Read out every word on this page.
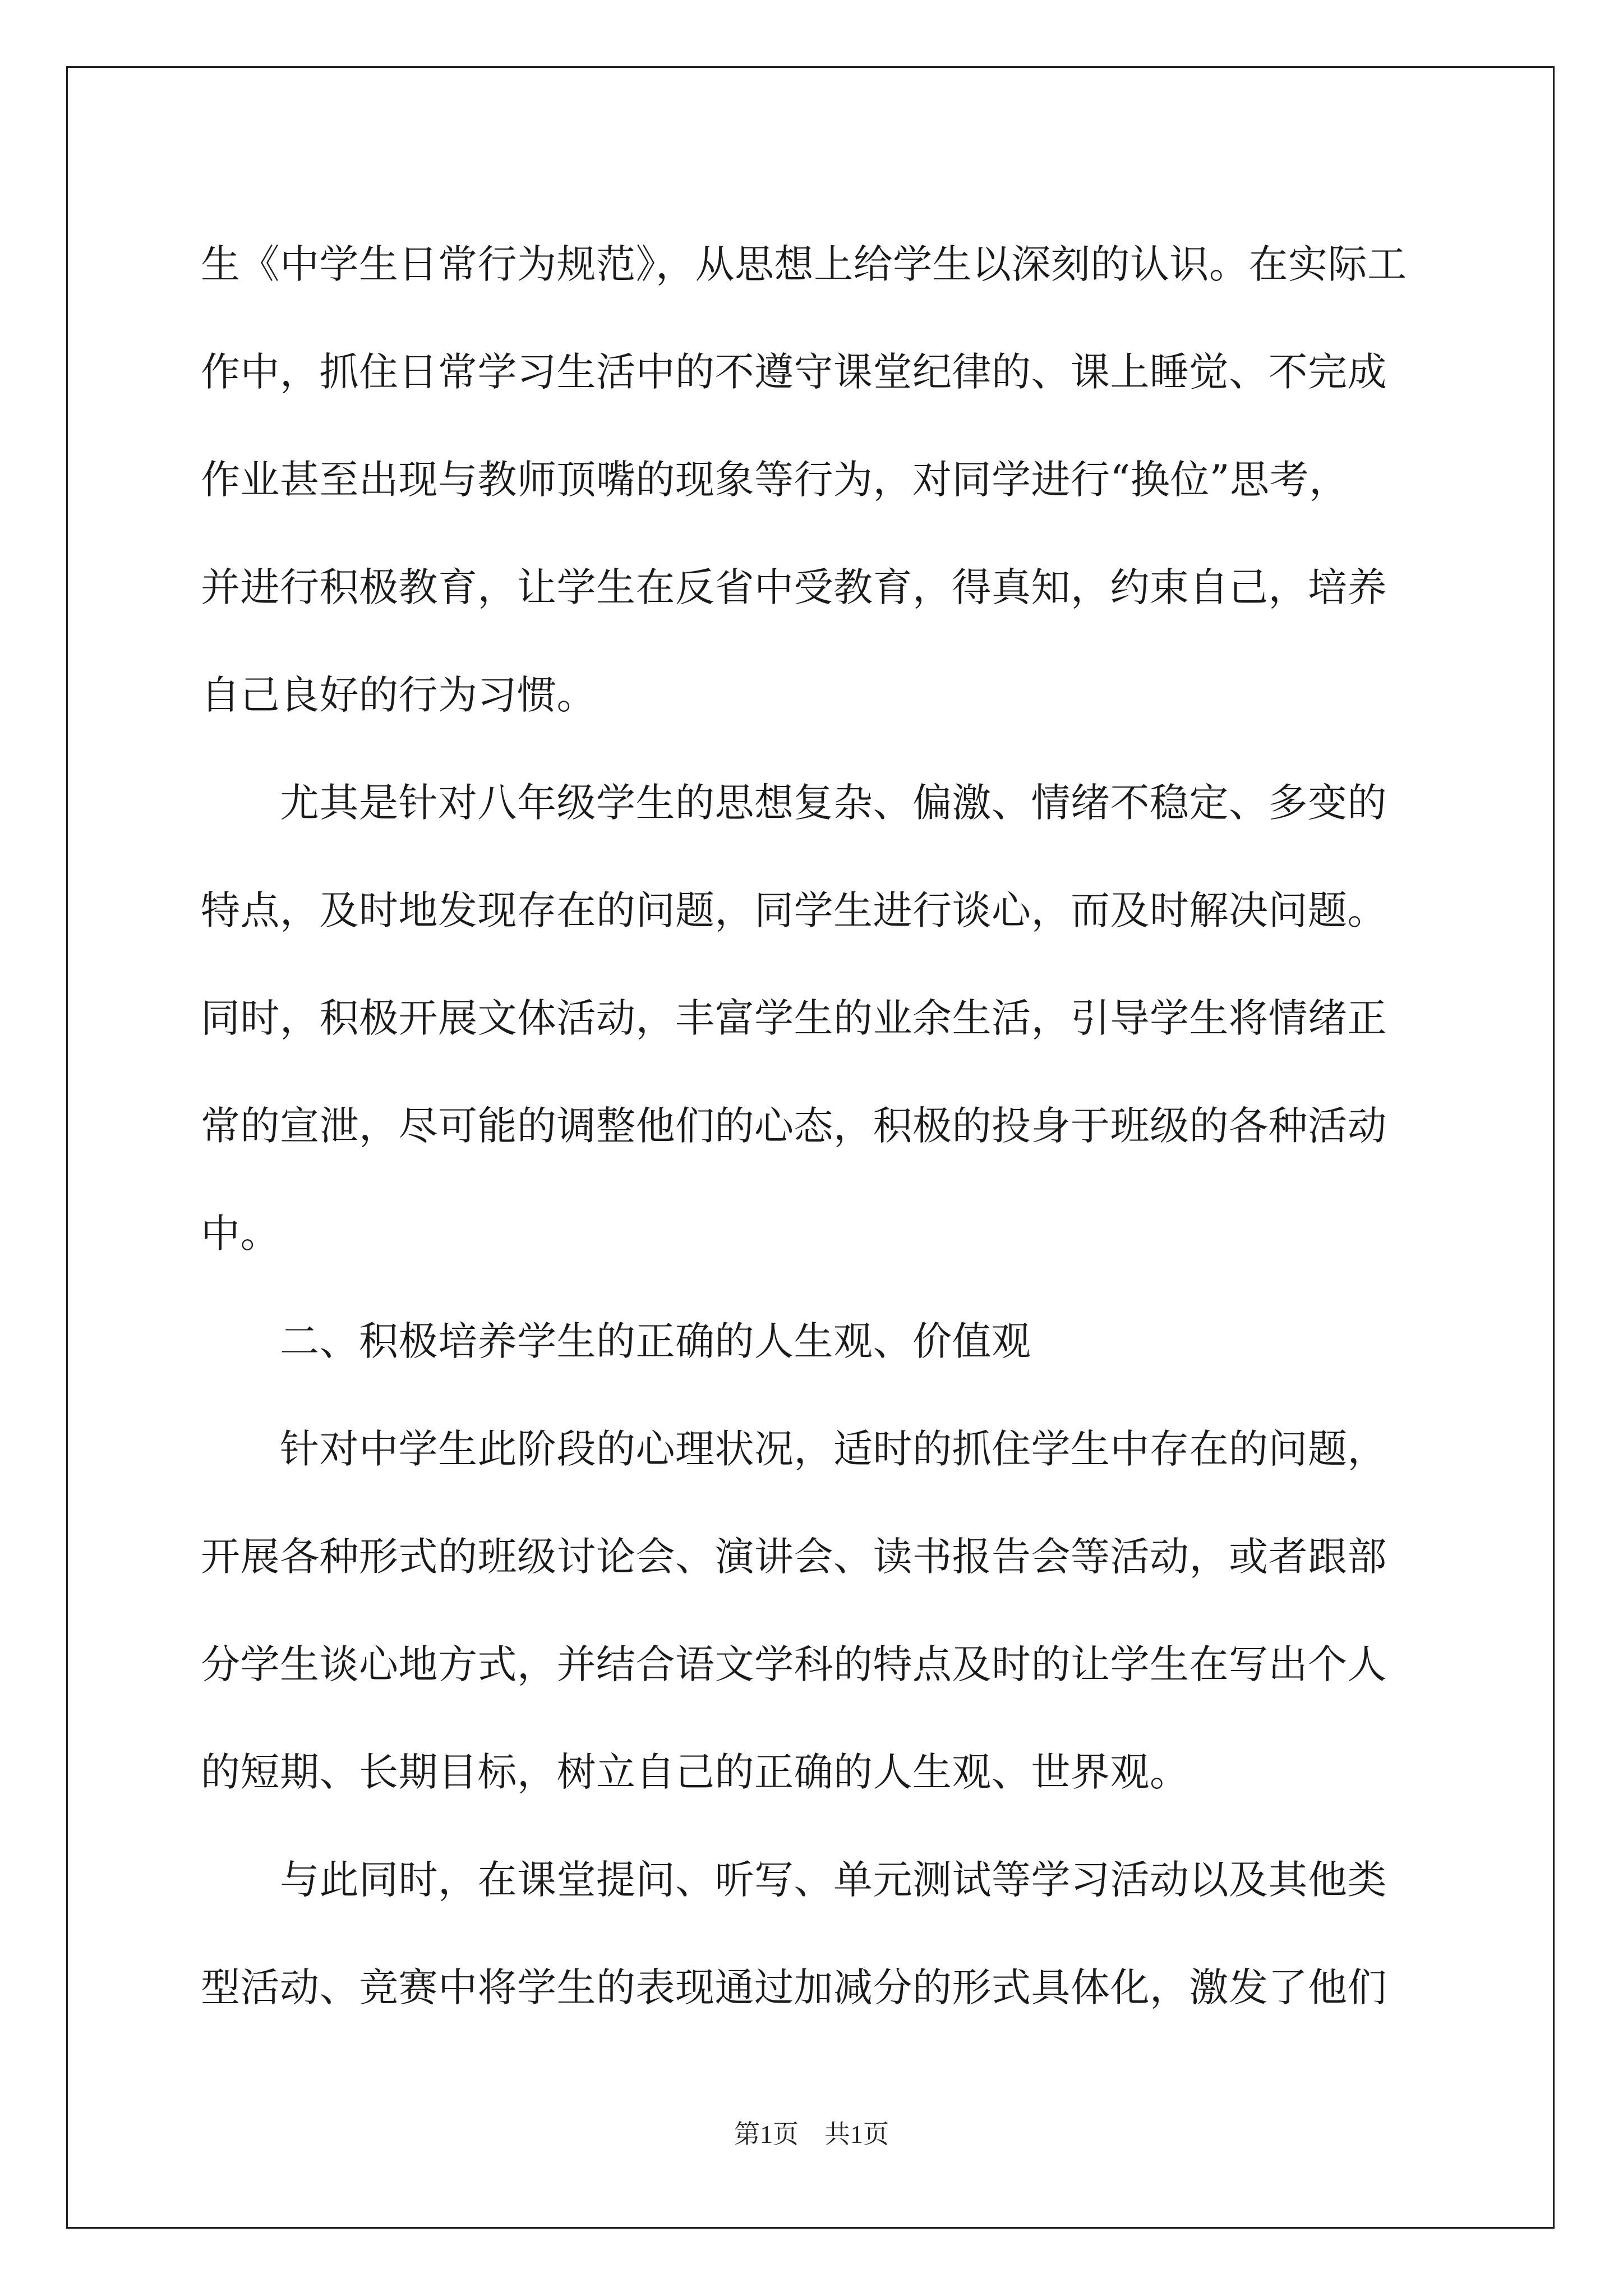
生《中学生日常行为规范》，从思想上给学生以深刻的认识。在实际工
作中，抓住日常学习生活中的不遵守课堂纪律的、课上睡觉、不完成
作业甚至出现与教师顶嘴的现象等行为，对同学进行“换位”思考，
并进行积极教育，让学生在反省中受教育，得真知，约束自己，培养
自己良好的行为习惯。
　　尤其是针对八年级学生的思想复杂、偏激、情绪不稳定、多变的
特点，及时地发现存在的问题，同学生进行谈心，而及时解决问题。
同时，积极开展文体活动，丰富学生的业余生活，引导学生将情绪正
常的宣泄，尽可能的调整他们的心态，积极的投身于班级的各种活动
中。
　　二、积极培养学生的正确的人生观、价值观
　　针对中学生此阶段的心理状况，适时的抓住学生中存在的问题，
开展各种形式的班级讨论会、演讲会、读书报告会等活动，或者跟部
分学生谈心地方式，并结合语文学科的特点及时的让学生在写出个人
的短期、长期目标，树立自己的正确的人生观、世界观。
　　与此同时，在课堂提问、听写、单元测试等学习活动以及其他类
型活动、竞赛中将学生的表现通过加减分的形式具体化，激发了他们
第1页　共1页
